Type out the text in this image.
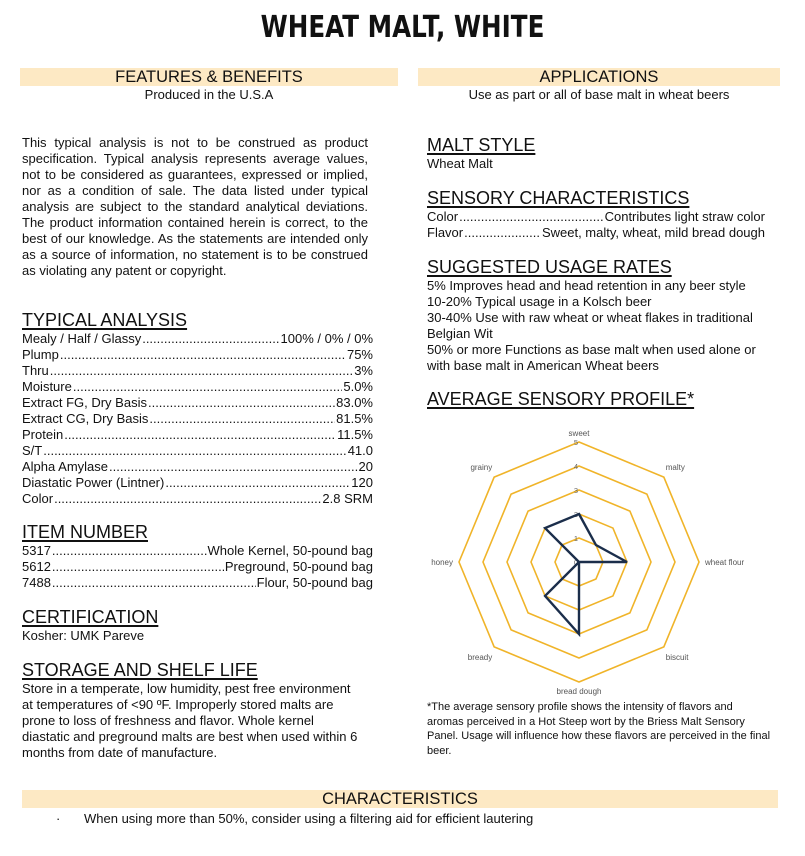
WHEAT MALT, WHITE
FEATURES & BENEFITS
Produced in the U.S.A
APPLICATIONS
Use as part or all of base malt in wheat beers
This typical analysis is not to be construed as product specification. Typical analysis represents average values, not to be considered as guarantees, expressed or implied, nor as a condition of sale. The data listed under typical analysis are subject to the standard analytical deviations. The product information contained herein is correct, to the best of our knowledge. As the statements are intended only as a source of information, no statement is to be construed as violating any patent or copyright.
TYPICAL ANALYSIS
Mealy / Half / Glassy .....	100% / 0% / 0%
Plump .....	75%
Thru .....	3%
Moisture .....	5.0%
Extract FG, Dry Basis .....	83.0%
Extract CG, Dry Basis .....	81.5%
Protein .....	11.5%
S/T .....	41.0
Alpha Amylase .....	20
Diastatic Power (Lintner) .....	120
Color .....	2.8 SRM
ITEM NUMBER
5317 .....	......Whole Kernel, 50-pound bag
5612 .....	Preground, 50-pound bag
7488 .....	Flour, 50-pound bag
CERTIFICATION
Kosher: UMK Pareve
STORAGE AND SHELF LIFE
Store in a temperate, low humidity, pest free environment
at temperatures of <90 ºF. Improperly stored malts are
prone to loss of freshness and flavor. Whole kernel
diastatic and preground malts are best when used within 6
months from date of manufacture.
MALT STYLE
Wheat Malt
SENSORY CHARACTERISTICS
Color .....	Contributes light straw color
Flavor .....	Sweet, malty, wheat, mild bread dough
SUGGESTED USAGE RATES
5% Improves head and head retention in any beer style
10-20% Typical usage in a Kolsch beer
30-40% Use with raw wheat or wheat flakes in traditional
Belgian Wit
50% or more Functions as base malt when used alone or
with base malt in American Wheat beers
AVERAGE SENSORY PROFILE*
0
1
2
3
4
5
sweet
malty
wheat flour
biscuit
bread dough
bready
honey
grainy
*The average sensory profile shows the intensity of flavors and aromas perceived in a Hot Steep wort by the Briess Malt Sensory Panel. Usage will influence how these flavors are perceived in the final beer.
CHARACTERISTICS
· When using more than 50%, consider using a filtering aid for efficient lautering
